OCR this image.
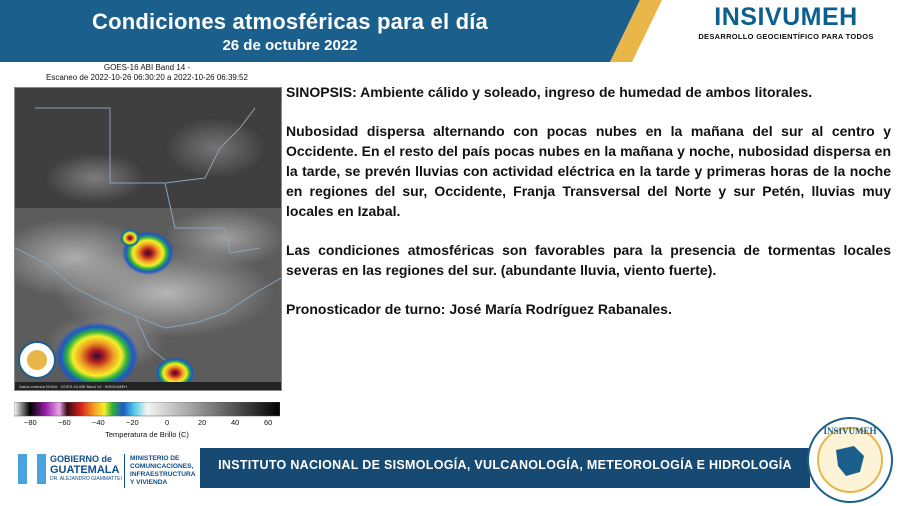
Condiciones atmosféricas para el día
26 de octubre 2022
INSIVUMEH
DESARROLLO GEOCIENTÍFICO PARA TODOS
GOES-16 ABI Band 14 -
Escaneo de 2022-10-26 06:30:20 a 2022-10-26 06:39:52
Datos cortesía NOAA · GOES-16 ABI Band 14 · INSIVUMEH
−80	−60	−40	−20	0	20	40	60
Temperatura de Brillo (C)

SINOPSIS: Ambiente cálido y soleado, ingreso de humedad de ambos litorales.

Nubosidad dispersa alternando con pocas nubes en la mañana del sur al centro y Occidente. En el resto del país pocas nubes en la mañana y noche, nubosidad dispersa en la tarde, se prevén lluvias con actividad eléctrica en la tarde y primeras horas de la noche en regiones del sur, Occidente, Franja Transversal del Norte y sur Petén, lluvias muy locales en Izabal.

Las condiciones atmosféricas son favorables para la presencia de tormentas locales severas en las regiones del sur. (abundante lluvia, viento fuerte).

Pronosticador de turno: José María Rodríguez Rabanales.

GOBIERNO de
GUATEMALA
DR. ALEJANDRO GIAMMATTEI
MINISTERIO DE
COMUNICACIONES,
INFRAESTRUCTURA
Y VIVIENDA
INSTITUTO NACIONAL DE SISMOLOGÍA, VULCANOLOGÍA, METEOROLOGÍA E HIDROLOGÍA
INSIVUMEH
